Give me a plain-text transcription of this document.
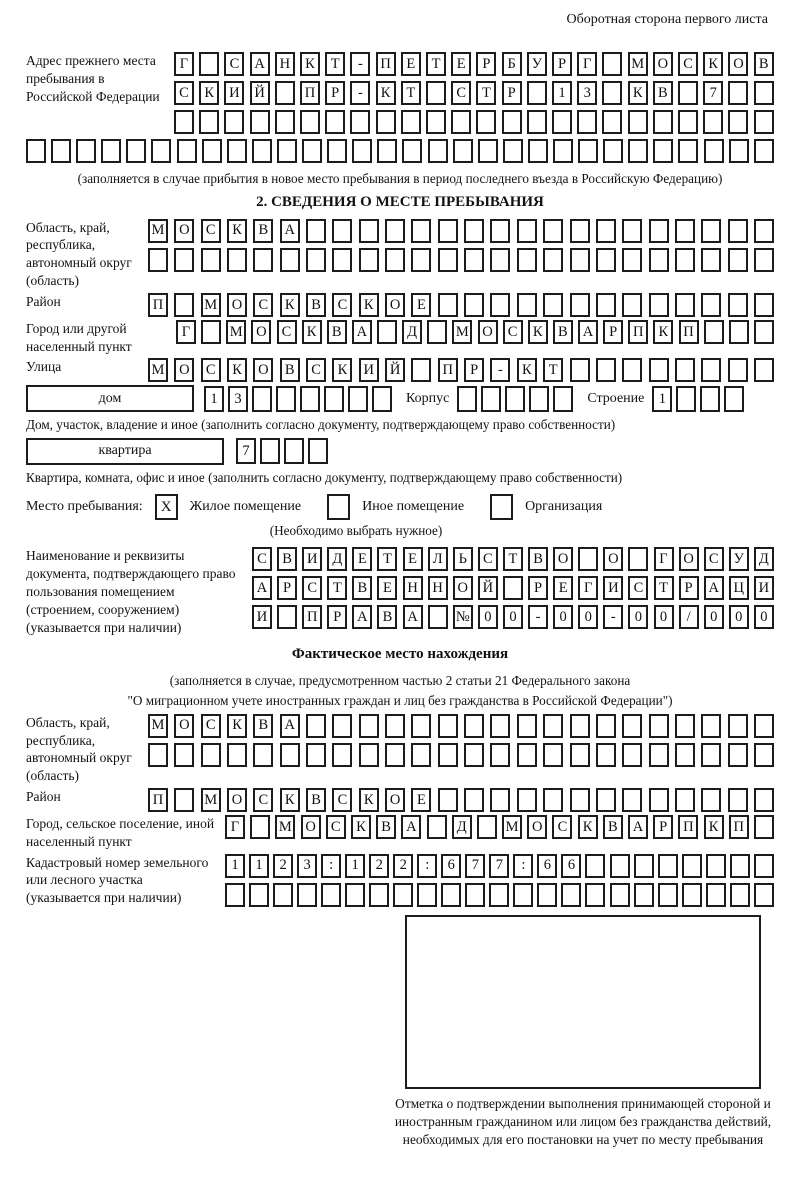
Оборотная сторона первого листа
Адрес прежнего места пребывания в Российской Федерации
Г	С	А	Н	К	Т	-	П	Е	Т	Е	Р	Б	У	Р	Г	М О	С	К	О	В
С	К	И	Й	П	Р	-	К	Т	С	Т	Р	1	3	К	В	7
(заполняется в случае прибытия в новое место пребывания в период последнего въезда в Российскую Федерацию)
2. СВЕДЕНИЯ О МЕСТЕ ПРЕБЫВАНИЯ
Область, край, республика, автономный округ (область)
М	О	С	К	В	А
Район	П	М	О	С	К	В	С	К	О	Е
Город или другой населенный пункт
Г	М О	С	К	В	А	Д	М О	С	К	В	А	Р	П	К	П
Улица	М	О	С	К	О	В	С	К	И	Й	П	Р	-	К	Т
дом	1	3	Корпус	Строение 1
Дом, участок, владение и иное (заполнить согласно документу, подтверждающему право собственности)
квартира	7
Квартира, комната, офис и иное (заполнить согласно документу, подтверждающему право собственности)
Место пребывания:	X	Жилое помещение	Иное помещение	Организация
(Необходимо выбрать нужное)
Наименование и реквизиты документа, подтверждающего право пользования помещением (строением, сооружением) (указывается при наличии)
С	В	И	Д	Е	Т	Е	Л	Ь	С	Т	В	О	О	Г	О	С	У	Д
А	Р	С	Т	В	Е	Н	Н	О	Й	Р	Е	Г	И	С	Т	Р	А	Ц	И
И	П	Р	А	В	А	№	0	0	-	0	0	-	0	0	/	0	0	0
Фактическое место нахождения
(заполняется в случае, предусмотренном частью 2 статьи 21 Федерального закона
"О миграционном учете иностранных граждан и лиц без гражданства в Российской Федерации")
Область, край, республика, автономный округ (область)
М	О	С	К	В	А
Район	П	М	О	С	К	В	С	К	О	Е
Город, сельское поселение, иной населенный пункт
Г	М О	С	К	В	А	Д	М О	С	К	В	А	Р	П	К	П
Кадастровый номер земельного или лесного участка (указывается при наличии)
1	1	2	3	:	1	2	2	:	6	7	7	:	6	6
Отметка о подтверждении выполнения принимающей стороной и иностранным гражданином или лицом без гражданства действий, необходимых для его постановки на учет по месту пребывания
